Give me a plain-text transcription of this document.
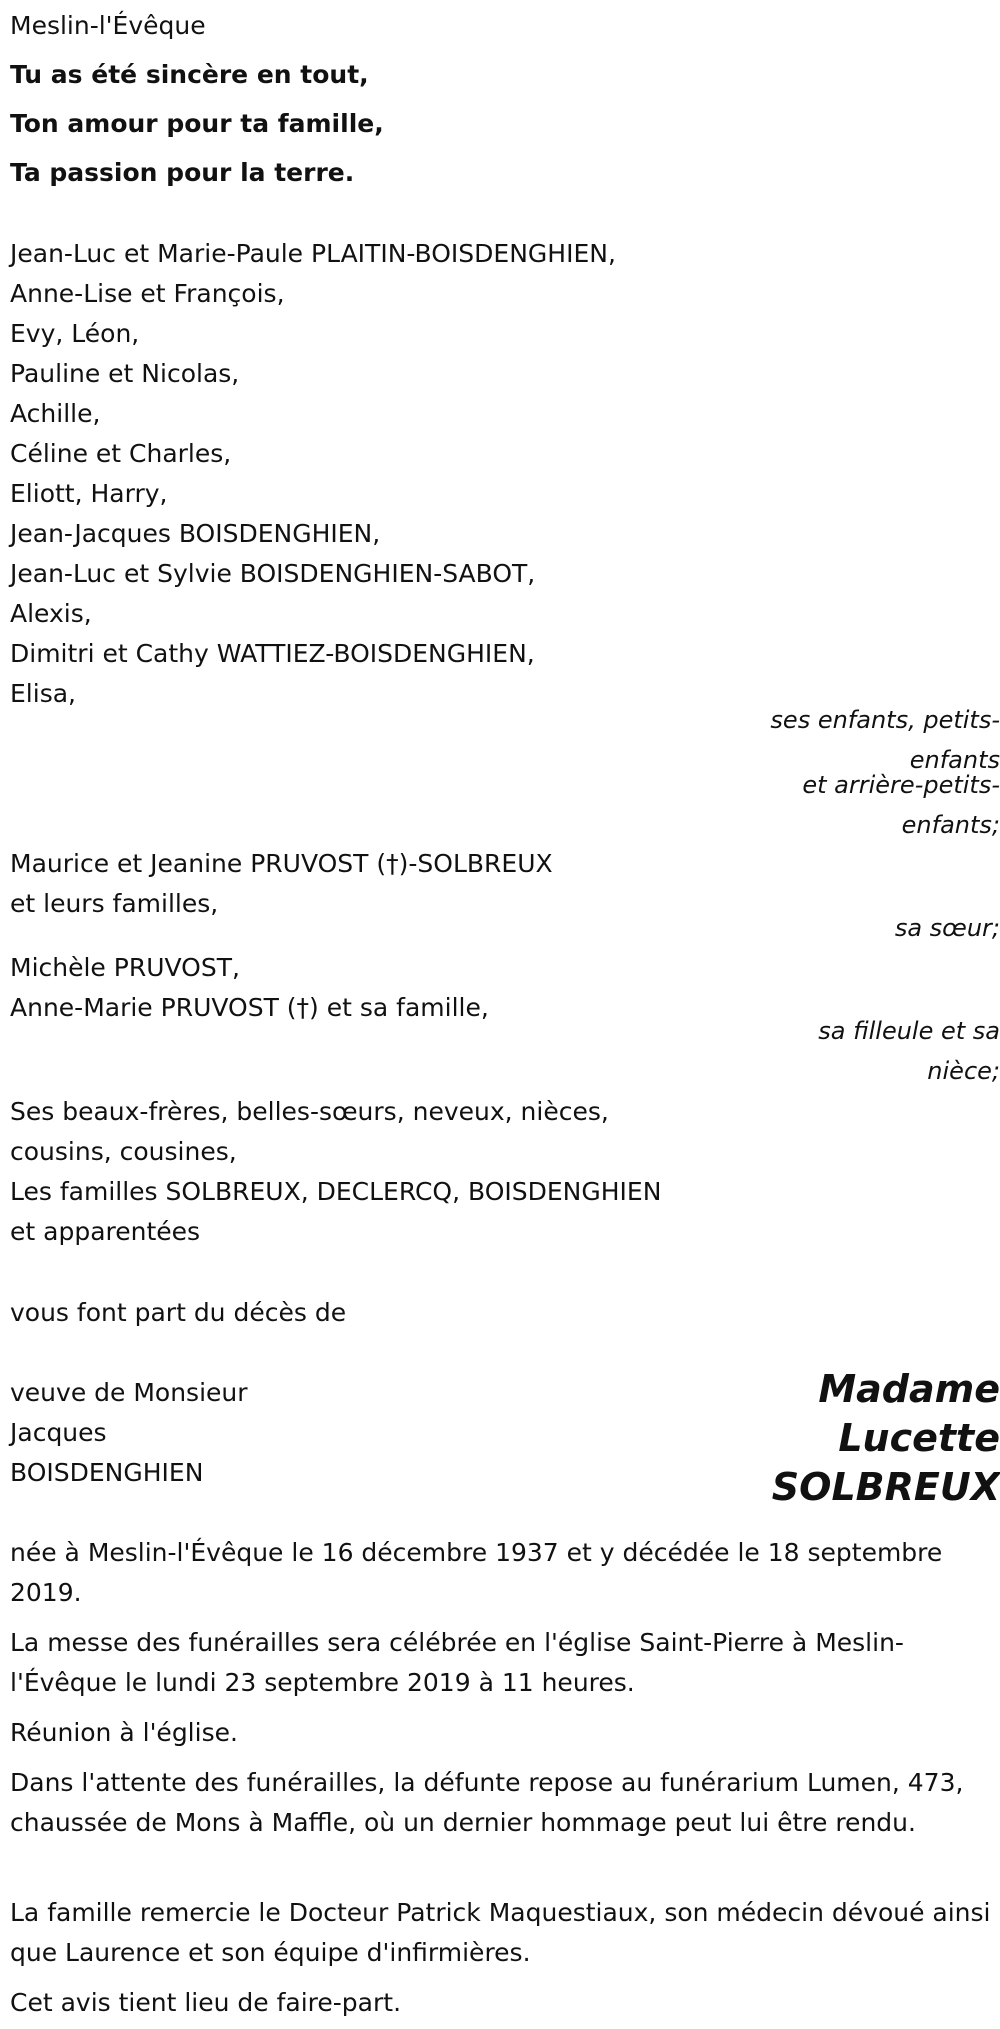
Meslin-l'Évêque
Tu as été sincère en tout,
Ton amour pour ta famille,
Ta passion pour la terre.
Jean-Luc et Marie-Paule PLAITIN-BOISDENGHIEN,
Anne-Lise et François,
Evy, Léon,
Pauline et Nicolas,
Achille,
Céline et Charles,
Eliott, Harry,
Jean-Jacques BOISDENGHIEN,
Jean-Luc et Sylvie BOISDENGHIEN-SABOT,
Alexis,
Dimitri et Cathy WATTIEZ-BOISDENGHIEN,
Elisa,
ses enfants, petits-
enfants
et arrière-petits-
enfants;
Maurice et Jeanine PRUVOST (†)-SOLBREUX
et leurs familles,
sa sœur;
Michèle PRUVOST,
Anne-Marie PRUVOST (†) et sa famille,
sa filleule et sa
nièce;
Ses beaux-frères, belles-sœurs, neveux, nièces,
cousins, cousines,
Les familles SOLBREUX, DECLERCQ, BOISDENGHIEN
et apparentées
vous font part du décès de
veuve de Monsieur
Jacques
BOISDENGHIEN
Madame
Lucette
SOLBREUX
née à Meslin-l'Évêque le 16 décembre 1937 et y décédée le 18 septembre 2019.
La messe des funérailles sera célébrée en l'église Saint-Pierre à Meslin-l'Évêque le lundi 23 septembre 2019 à 11 heures.
Réunion à l'église.
Dans l'attente des funérailles, la défunte repose au funérarium Lumen, 473, chaussée de Mons à Maffle, où un dernier hommage peut lui être rendu.
La famille remercie le Docteur Patrick Maquestiaux, son médecin dévoué ainsi que Laurence et son équipe d'infirmières.
Cet avis tient lieu de faire-part.
